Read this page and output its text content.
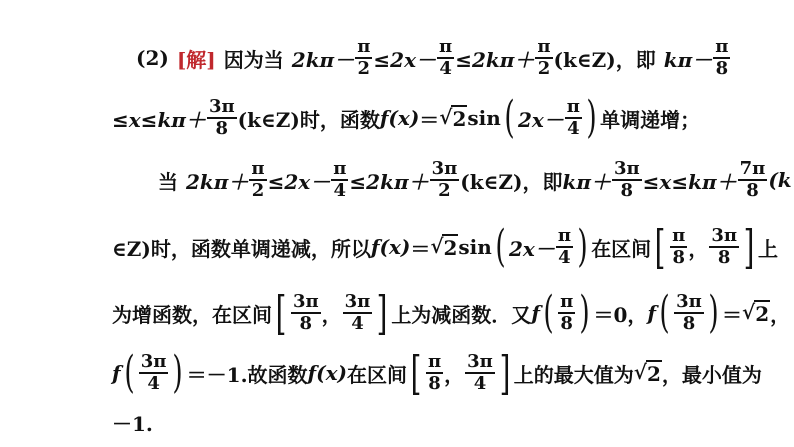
(2) [解] 因为当 $2k\pi- \frac{\pi}{2} \le 2x- \frac{\pi}{4} \le 2k\pi+ \frac{\pi}{2}$ (k∈Z)，即 $k\pi- \frac{\pi}{8}$
$\le x\le k\pi+ \frac{3\pi}{8}$ (k∈Z)时，函数 f(x) ＝ √ 2 sin ( $2x- \frac{\pi}{4}$ ) 单调递增；
当 $2k\pi+ \frac{\pi}{2} \le 2x- \frac{\pi}{4} \le 2k\pi+ \frac{3\pi}{2}$ (k∈Z)，即 $k\pi+ \frac{3\pi}{8} \le x\le k\pi+ \frac{7\pi}{8} (k$
∈Z)时，函数单调递减，所以 f(x) ＝ √ 2 sin ( $2x- \frac{\pi}{4}$ ) 在区间 [ $\frac{\pi}{8}$ ， $\frac{3\pi}{8}$ ] 上
为增函数，在区间 [ $\frac{3\pi}{8}$ ， $\frac{3\pi}{4}$ ] 上为减函数．又 f ( $\frac{\pi}{8}$ ) ＝0， f ( $\frac{3\pi}{8}$ ) ＝ √ 2 ，
f ( $\frac{3\pi}{4}$ ) ＝－1.故函数 f(x) 在区间 [ $\frac{\pi}{8}$ ， $\frac{3\pi}{4}$ ] 上的最大值为 √ 2 ，最小值为
－1.
